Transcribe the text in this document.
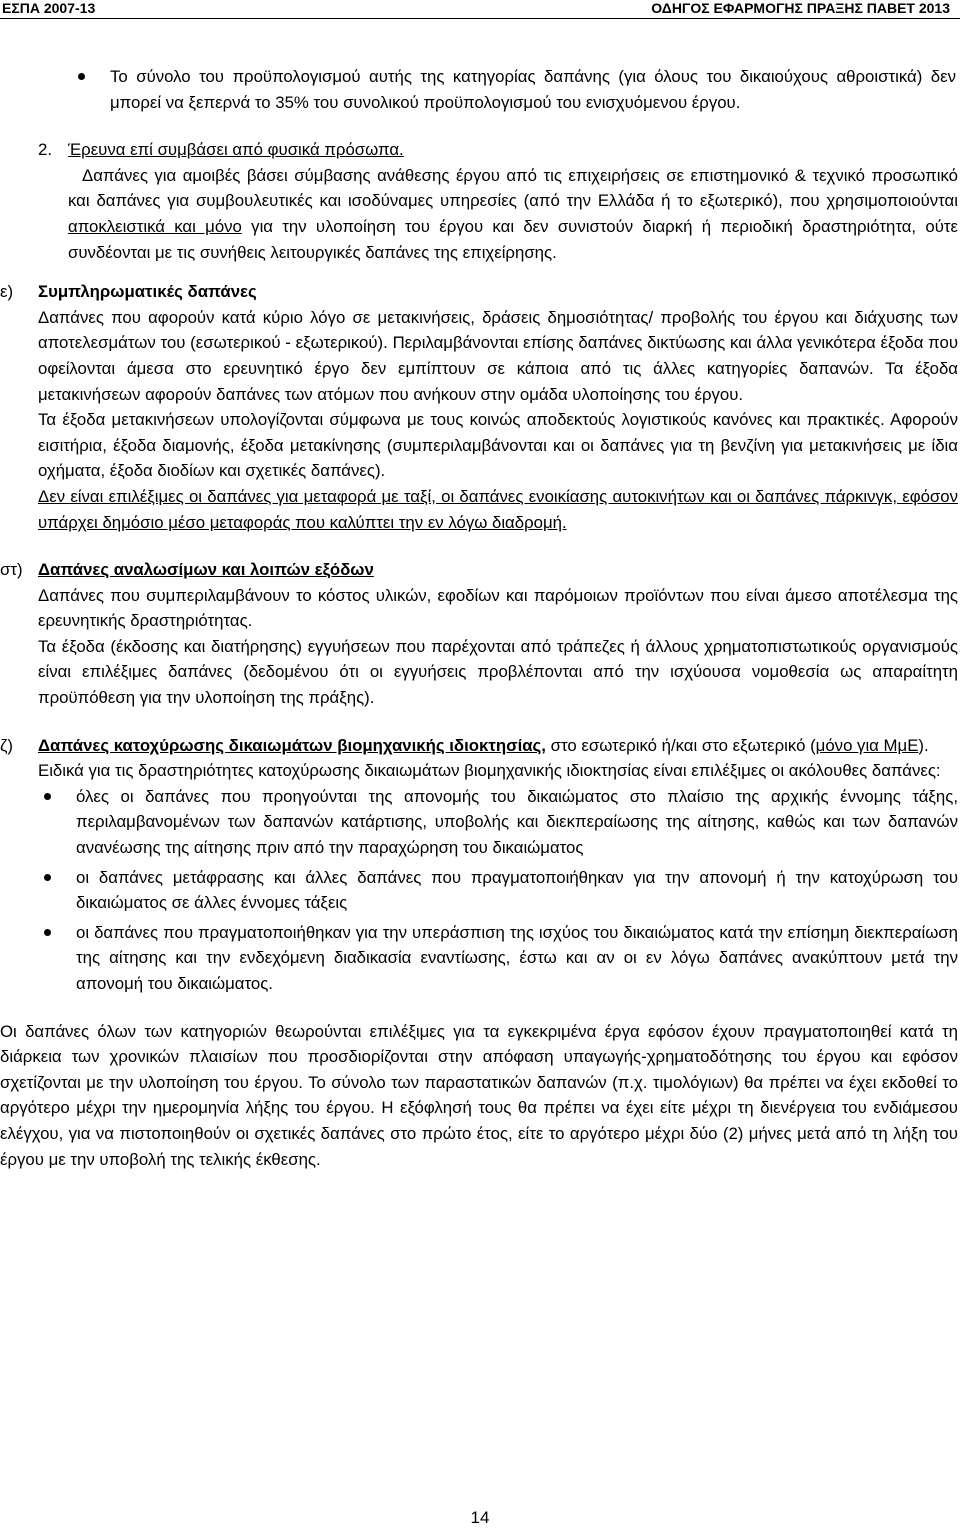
ΕΣΠΑ 2007-13	ΟΔΗΓΟΣ ΕΦΑΡΜΟΓΗΣ ΠΡΑΞΗΣ ΠΑΒΕΤ 2013
Το σύνολο του προϋπολογισμού αυτής της κατηγορίας δαπάνης (για όλους του δικαιούχους αθροιστικά) δεν μπορεί να ξεπερνά το 35% του συνολικού προϋπολογισμού του ενισχυόμενου έργου.
2. Έρευνα επί συμβάσει από φυσικά πρόσωπα.

Δαπάνες για αμοιβές βάσει σύμβασης ανάθεσης έργου από τις επιχειρήσεις σε επιστημονικό & τεχνικό προσωπικό και δαπάνες για συμβουλευτικές και ισοδύναμες υπηρεσίες (από την Ελλάδα ή το εξωτερικό), που χρησιμοποιούνται αποκλειστικά και μόνο για την υλοποίηση του έργου και δεν συνιστούν διαρκή ή περιοδική δραστηριότητα, ούτε συνδέονται με τις συνήθεις λειτουργικές δαπάνες της επιχείρησης.

ε) Συμπληρωματικές δαπάνες

Δαπάνες που αφορούν κατά κύριο λόγο σε μετακινήσεις, δράσεις δημοσιότητας/ προβολής του έργου και διάχυσης των αποτελεσμάτων του (εσωτερικού - εξωτερικού). Περιλαμβάνονται επίσης δαπάνες δικτύωσης και άλλα γενικότερα έξοδα που οφείλονται άμεσα στο ερευνητικό έργο δεν εμπίπτουν σε κάποια από τις άλλες κατηγορίες δαπανών. Τα έξοδα μετακινήσεων αφορούν δαπάνες των ατόμων που ανήκουν στην ομάδα υλοποίησης του έργου.

Τα έξοδα μετακινήσεων υπολογίζονται σύμφωνα με τους κοινώς αποδεκτούς λογιστικούς κανόνες και πρακτικές. Αφορούν εισιτήρια, έξοδα διαμονής, έξοδα μετακίνησης (συμπεριλαμβάνονται και οι δαπάνες για τη βενζίνη για μετακινήσεις με ίδια οχήματα, έξοδα διοδίων και σχετικές δαπάνες).

Δεν είναι επιλέξιμες οι δαπάνες για μεταφορά με ταξί, οι δαπάνες ενοικίασης αυτοκινήτων και οι δαπάνες πάρκινγκ, εφόσον υπάρχει δημόσιο μέσο μεταφοράς που καλύπτει την εν λόγω διαδρομή.

στ) Δαπάνες αναλωσίμων και λοιπών εξόδων

Δαπάνες που συμπεριλαμβάνουν το κόστος υλικών, εφοδίων και παρόμοιων προϊόντων που είναι άμεσο αποτέλεσμα της ερευνητικής δραστηριότητας.

Τα έξοδα (έκδοσης και διατήρησης) εγγυήσεων που παρέχονται από τράπεζες ή άλλους χρηματοπιστωτικούς οργανισμούς είναι επιλέξιμες δαπάνες (δεδομένου ότι οι εγγυήσεις προβλέπονται από την ισχύουσα νομοθεσία ως απαραίτητη προϋπόθεση για την υλοποίηση της πράξης).

ζ) Δαπάνες κατοχύρωσης δικαιωμάτων βιομηχανικής ιδιοκτησίας, στο εσωτερικό ή/και στο εξωτερικό (μόνο για ΜμΕ).

Ειδικά για τις δραστηριότητες κατοχύρωσης δικαιωμάτων βιομηχανικής ιδιοκτησίας είναι επιλέξιμες οι ακόλουθες δαπάνες:

όλες οι δαπάνες που προηγούνται της απονομής του δικαιώματος στο πλαίσιο της αρχικής έννομης τάξης, περιλαμβανομένων των δαπανών κατάρτισης, υποβολής και διεκπεραίωσης της αίτησης, καθώς και των δαπανών ανανέωσης της αίτησης πριν από την παραχώρηση του δικαιώματος
οι δαπάνες μετάφρασης και άλλες δαπάνες που πραγματοποιήθηκαν για την απονομή ή την κατοχύρωση του δικαιώματος σε άλλες έννομες τάξεις
οι δαπάνες που πραγματοποιήθηκαν για την υπεράσπιση της ισχύος του δικαιώματος κατά την επίσημη διεκπεραίωση της αίτησης και την ενδεχόμενη διαδικασία εναντίωσης, έστω και αν οι εν λόγω δαπάνες ανακύπτουν μετά την απονομή του δικαιώματος.

Οι δαπάνες όλων των κατηγοριών θεωρούνται επιλέξιμες για τα εγκεκριμένα έργα εφόσον έχουν πραγματοποιηθεί κατά τη διάρκεια των χρονικών πλαισίων που προσδιορίζονται στην απόφαση υπαγωγής-χρηματοδότησης του έργου και εφόσον σχετίζονται με την υλοποίηση του έργου. Το σύνολο των παραστατικών δαπανών (π.χ. τιμολόγιων) θα πρέπει να έχει εκδοθεί το αργότερο μέχρι την ημερομηνία λήξης του έργου. Η εξόφλησή τους θα πρέπει να έχει είτε μέχρι τη διενέργεια του ενδιάμεσου ελέγχου, για να πιστοποιηθούν οι σχετικές δαπάνες στο πρώτο έτος, είτε το αργότερο μέχρι δύο (2) μήνες μετά από τη λήξη του έργου με την υποβολή της τελικής έκθεσης.

14
